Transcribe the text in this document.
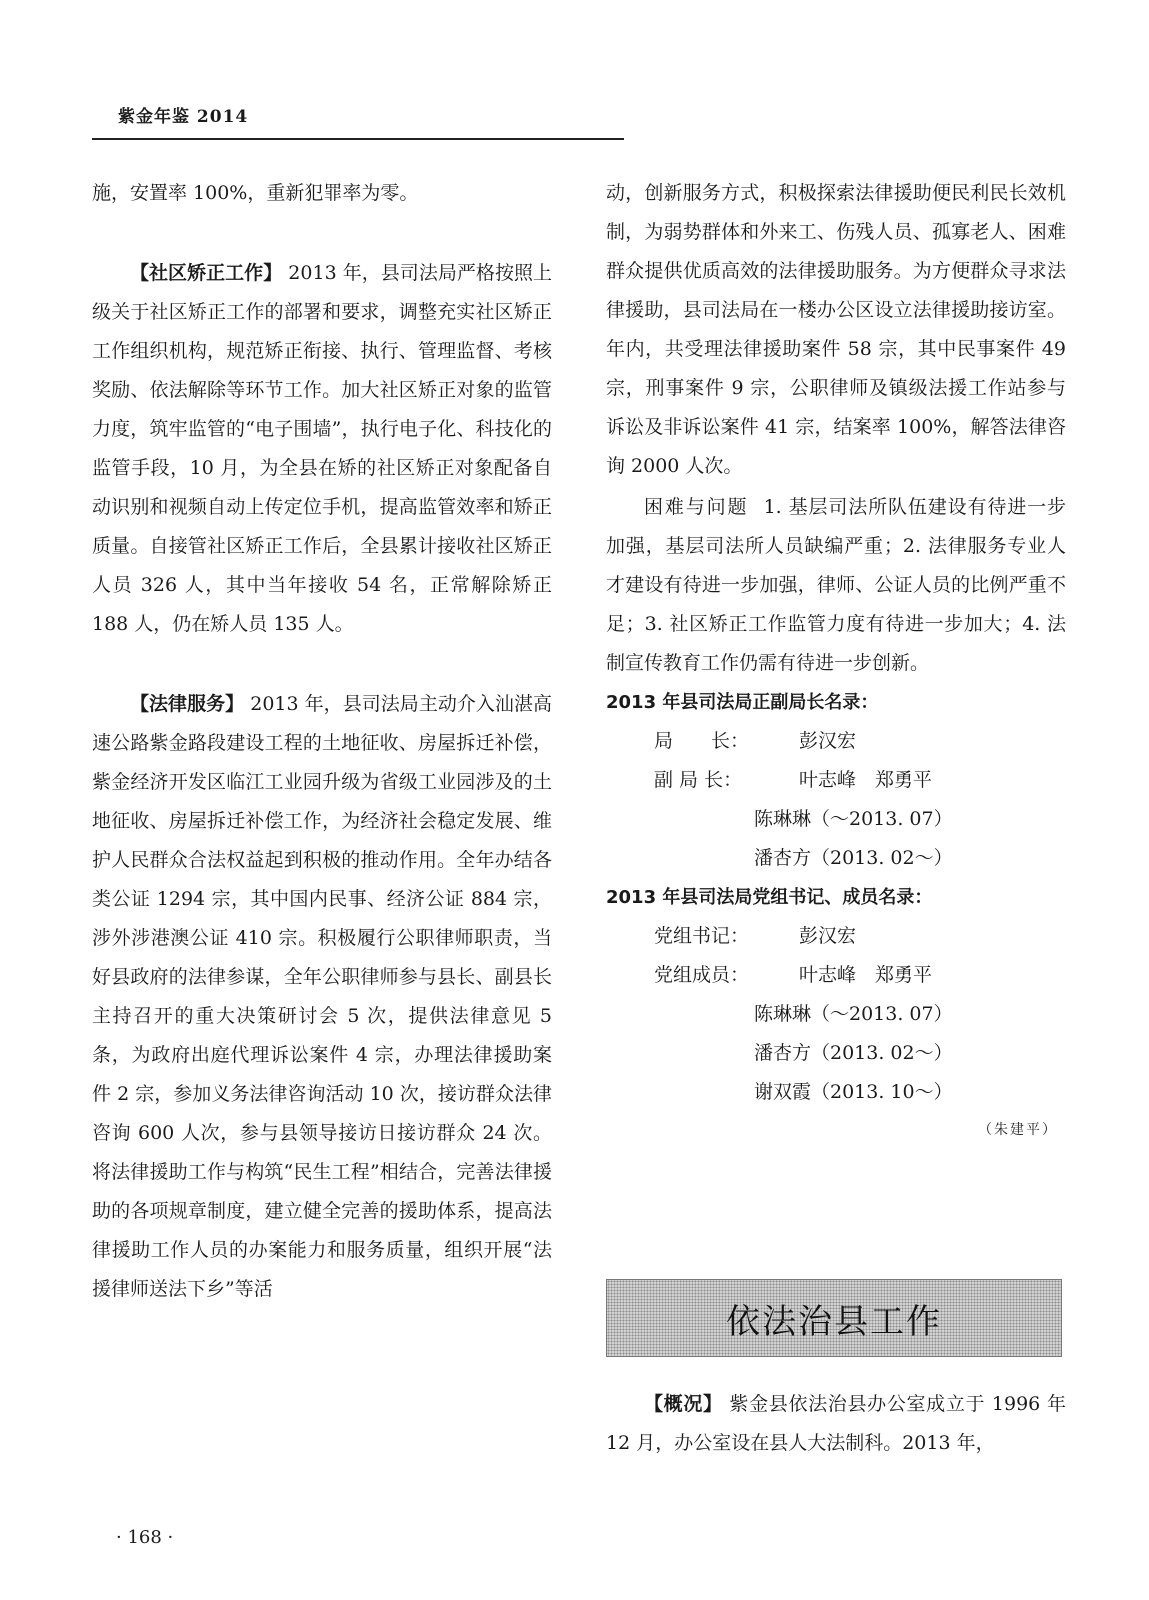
紫金年鉴 2014

施，安置率 100%，重新犯罪率为零。

【社区矫正工作】 2013 年，县司法局严格按照上级关于社区矫正工作的部署和要求，调整充实社区矫正工作组织机构，规范矫正衔接、执行、管理监督、考核奖励、依法解除等环节工作。加大社区矫正对象的监管力度，筑牢监管的“电子围墙”，执行电子化、科技化的监管手段，10 月，为全县在矫的社区矫正对象配备自动识别和视频自动上传定位手机，提高监管效率和矫正质量。自接管社区矫正工作后，全县累计接收社区矫正人员 326 人，其中当年接收 54 名，正常解除矫正 188 人，仍在矫人员 135 人。

【法律服务】 2013 年，县司法局主动介入汕湛高速公路紫金路段建设工程的土地征收、房屋拆迁补偿，紫金经济开发区临江工业园升级为省级工业园涉及的土地征收、房屋拆迁补偿工作，为经济社会稳定发展、维护人民群众合法权益起到积极的推动作用。全年办结各类公证 1294 宗，其中国内民事、经济公证 884 宗，涉外涉港澳公证 410 宗。积极履行公职律师职责，当好县政府的法律参谋，全年公职律师参与县长、副县长主持召开的重大决策研讨会 5 次，提供法律意见 5 条，为政府出庭代理诉讼案件 4 宗，办理法律援助案件 2 宗，参加义务法律咨询活动 10 次，接访群众法律咨询 600 人次，参与县领导接访日接访群众 24 次。将法律援助工作与构筑“民生工程”相结合，完善法律援助的各项规章制度，建立健全完善的援助体系，提高法律援助工作人员的办案能力和服务质量，组织开展“法援律师送法下乡”等活

动，创新服务方式，积极探索法律援助便民利民长效机制，为弱势群体和外来工、伤残人员、孤寡老人、困难群众提供优质高效的法律援助服务。为方便群众寻求法律援助，县司法局在一楼办公区设立法律援助接访室。年内，共受理法律援助案件 58 宗，其中民事案件 49 宗，刑事案件 9 宗，公职律师及镇级法援工作站参与诉讼及非诉讼案件 41 宗，结案率 100%，解答法律咨询 2000 人次。

困难与问题 1. 基层司法所队伍建设有待进一步加强，基层司法所人员缺编严重；2. 法律服务专业人才建设有待进一步加强，律师、公证人员的比例严重不足；3. 社区矫正工作监管力度有待进一步加大；4. 法制宣传教育工作仍需有待进一步创新。

2013 年县司法局正副局长名录：

局　　长：	彭汉宏
副 局 长：	叶志峰　郑勇平
陈琳琳（～2013. 07）
潘杏方（2013. 02～）

2013 年县司法局党组书记、成员名录：

党组书记：	彭汉宏
党组成员：	叶志峰　郑勇平
陈琳琳（～2013. 07）
潘杏方（2013. 02～）
谢双霞（2013. 10～）
（朱建平）
依法治县工作

【概况】 紫金县依法治县办公室成立于 1996 年 12 月，办公室设在县人大法制科。2013 年，

· 168 ·
